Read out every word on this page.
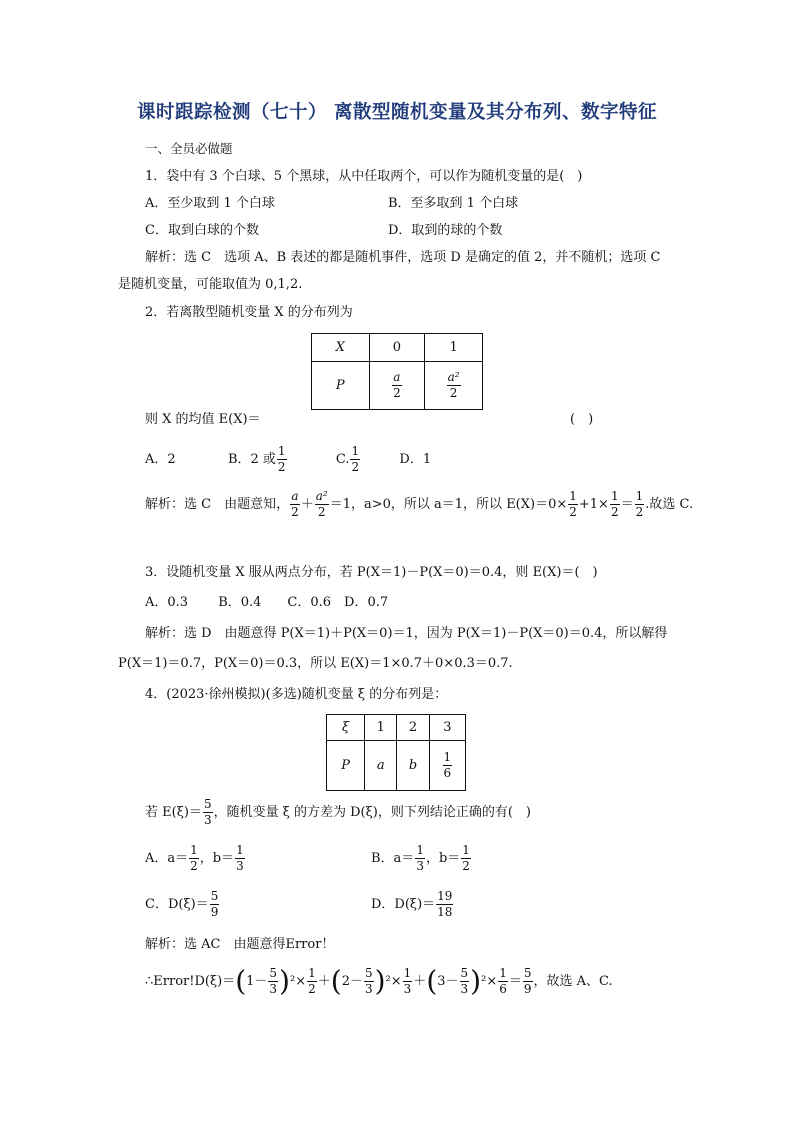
课时跟踪检测（七十） 离散型随机变量及其分布列、数字特征
一、全员必做题
1．袋中有 3 个白球、5 个黑球，从中任取两个，可以作为随机变量的是(　)
A．至少取到 1 个白球	B．至多取到 1 个白球
C．取到白球的个数	D．取到的球的个数
解析：选 C　选项 A、B 表述的都是随机事件，选项 D 是确定的值 2，并不随机；选项 C
是随机变量，可能取值为 0,1,2.
2．若离散型随机变量 X 的分布列为
X	0	1
P	$\frac{a}{2}$	$\frac{\text{a²}}{2}$
则 X 的均值 E(X)＝	(　)
A．2	B．2 或 $\frac{1}{2}$	C. $\frac{1}{2}$	D．1
解析：选 C　由题意知， $\frac{a}{2} + \frac{\text{a²}}{2} =1$，a>0，所以 a＝1，所以 $E(X)=0\times \frac{1}{2} +1\times \frac{1}{2} = \frac{1}{2}$ .故选 C.
3．设随机变量 X 服从两点分布，若 P(X＝1)－P(X＝0)＝0.4，则 E(X)＝(　)
A．0.3　　 B．0.4　　C．0.6　D．0.7
解析：选 D　由题意得 P(X＝1)＋P(X＝0)＝1，因为 P(X＝1)－P(X＝0)＝0.4，所以解得
P(X＝1)＝0.7，P(X＝0)＝0.3，所以 E(X)＝1×0.7＋0×0.3＝0.7.
4．(2023·徐州模拟)(多选)随机变量 ξ 的分布列是：
ξ	1	2	3
P	a	b	$\frac{1}{6}$
若 $E(\xi)= \frac{5}{3}$ ，随机变量 ξ 的方差为 D(ξ)，则下列结论正确的有(　)
A．$a= \frac{1}{2}$ ，$b= \frac{1}{3}$	B．$a= \frac{1}{3}$ ，$b= \frac{1}{2}$
C．$D(\xi)= \frac{5}{9}$	D．$D(\xi)= \frac{19}{18}$
解析：选 AC　由题意得Error！
∴Error!D(ξ)＝(1－ $\frac{5}{3} )^2\times \frac{1}{2} +(2- \frac{5}{3} )^2\times \frac{1}{3} +(3- \frac{5}{3} )^2\times \frac{1}{6} = \frac{5}{9}$ ，故选 A、C.
